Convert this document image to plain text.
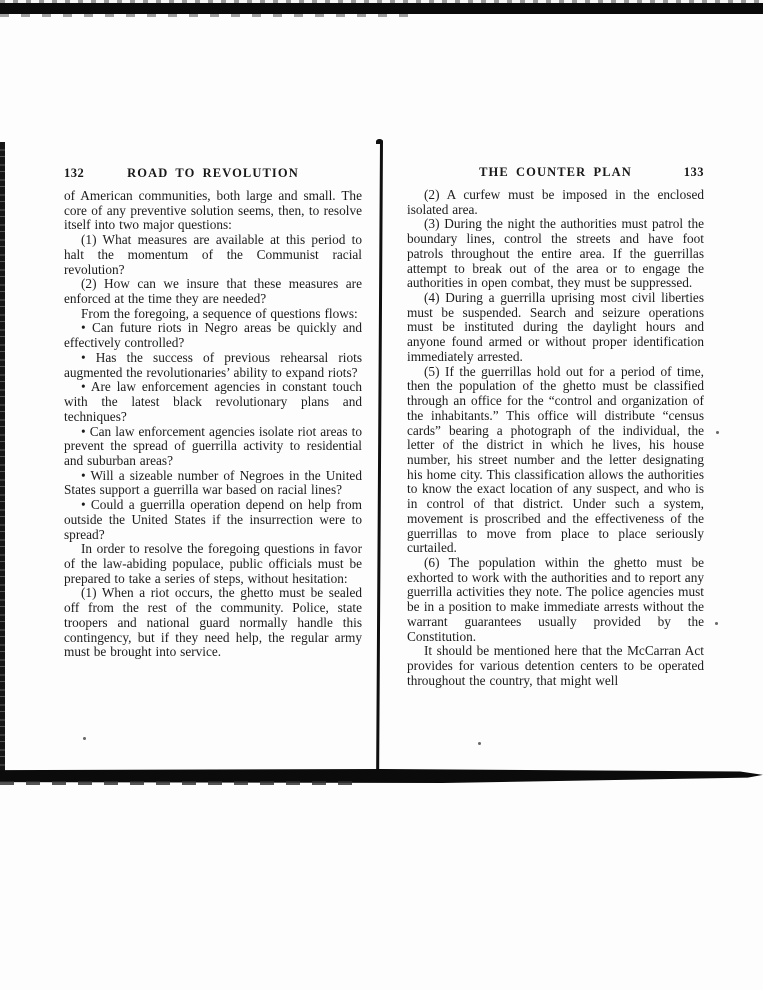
132	ROAD TO REVOLUTION

of American communities, both large and small. The core of any preventive solution seems, then, to resolve itself into two major questions:

(1) What measures are available at this period to halt the momentum of the Communist racial revolution?

(2) How can we insure that these measures are enforced at the time they are needed?

From the foregoing, a sequence of questions flows:

• Can future riots in Negro areas be quickly and effectively controlled?

• Has the success of previous rehearsal riots augmented the revolutionaries’ ability to expand riots?

• Are law enforcement agencies in constant touch with the latest black revolutionary plans and techniques?

• Can law enforcement agencies isolate riot areas to prevent the spread of guerrilla activity to residential and suburban areas?

• Will a sizeable number of Negroes in the United States support a guerrilla war based on racial lines?

• Could a guerrilla operation depend on help from outside the United States if the insurrection were to spread?

In order to resolve the foregoing questions in favor of the law-abiding populace, public officials must be prepared to take a series of steps, without hesitation:

(1) When a riot occurs, the ghetto must be sealed off from the rest of the community. Police, state troopers and national guard normally handle this contingency, but if they need help, the regular army must be brought into service.

THE COUNTER PLAN	133

(2) A curfew must be imposed in the enclosed isolated area.

(3) During the night the authorities must patrol the boundary lines, control the streets and have foot patrols throughout the entire area. If the guerrillas attempt to break out of the area or to engage the authorities in open combat, they must be suppressed.

(4) During a guerrilla uprising most civil liberties must be suspended. Search and seizure operations must be instituted during the daylight hours and anyone found armed or without proper identification immediately arrested.

(5) If the guerrillas hold out for a period of time, then the population of the ghetto must be classified through an office for the “control and organization of the inhabitants.” This office will distribute “census cards” bearing a photograph of the individual, the letter of the district in which he lives, his house number, his street number and the letter designating his home city. This classification allows the authorities to know the exact location of any suspect, and who is in control of that district. Under such a system, movement is proscribed and the effectiveness of the guerrillas to move from place to place seriously curtailed.

(6) The population within the ghetto must be exhorted to work with the authorities and to report any guerrilla activities they note. The police agencies must be in a position to make immediate arrests without the warrant guarantees usually provided by the Constitution.

It should be mentioned here that the McCarran Act provides for various detention centers to be operated throughout the country, that might well
